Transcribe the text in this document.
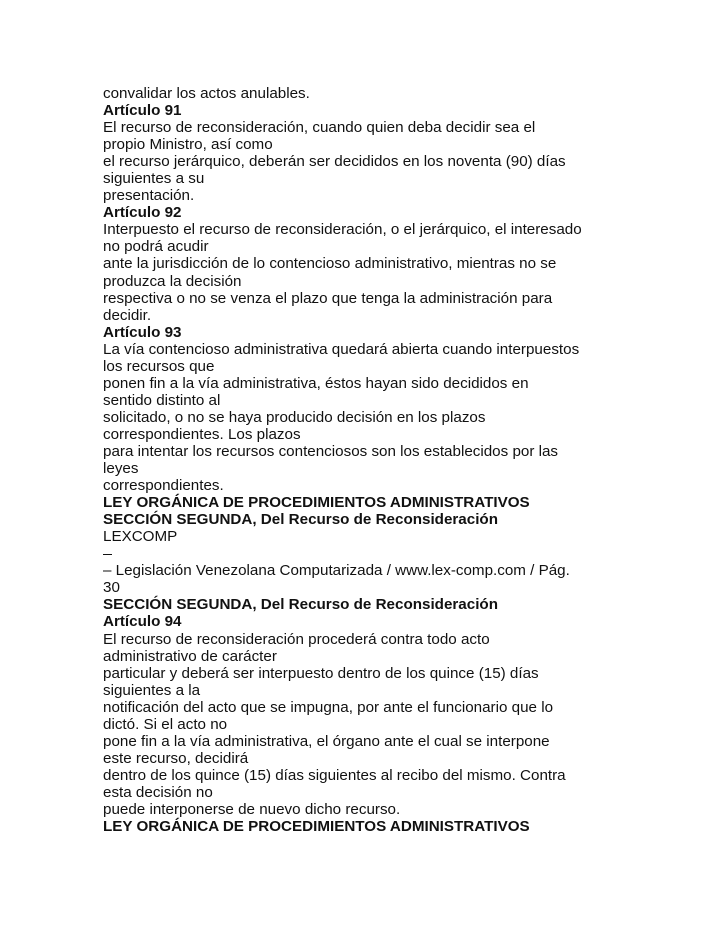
convalidar los actos anulables.
Artículo 91
El recurso de reconsideración, cuando quien deba decidir sea el
propio Ministro, así como
el recurso jerárquico, deberán ser decididos en los noventa (90) días
siguientes a su
presentación.
Artículo 92
Interpuesto el recurso de reconsideración, o el jerárquico, el interesado
no podrá acudir
ante la jurisdicción de lo contencioso administrativo, mientras no se
produzca la decisión
respectiva o no se venza el plazo que tenga la administración para
decidir.
Artículo 93
La vía contencioso administrativa quedará abierta cuando interpuestos
los recursos que
ponen fin a la vía administrativa, éstos hayan sido decididos en
sentido distinto al
solicitado, o no se haya producido decisión en los plazos
correspondientes. Los plazos
para intentar los recursos contenciosos son los establecidos por las
leyes
correspondientes.
LEY ORGÁNICA DE PROCEDIMIENTOS ADMINISTRATIVOS
SECCIÓN SEGUNDA, Del Recurso de Reconsideración
LEXCOMP
– Legislación Venezolana Computarizada / www.lex-comp.com / Pág.
30
SECCIÓN SEGUNDA, Del Recurso de Reconsideración
Artículo 94
El recurso de reconsideración procederá contra todo acto
administrativo de carácter
particular y deberá ser interpuesto dentro de los quince (15) días
siguientes a la
notificación del acto que se impugna, por ante el funcionario que lo
dictó. Si el acto no
pone fin a la vía administrativa, el órgano ante el cual se interpone
este recurso, decidirá
dentro de los quince (15) días siguientes al recibo del mismo. Contra
esta decisión no
puede interponerse de nuevo dicho recurso.
LEY ORGÁNICA DE PROCEDIMIENTOS ADMINISTRATIVOS
